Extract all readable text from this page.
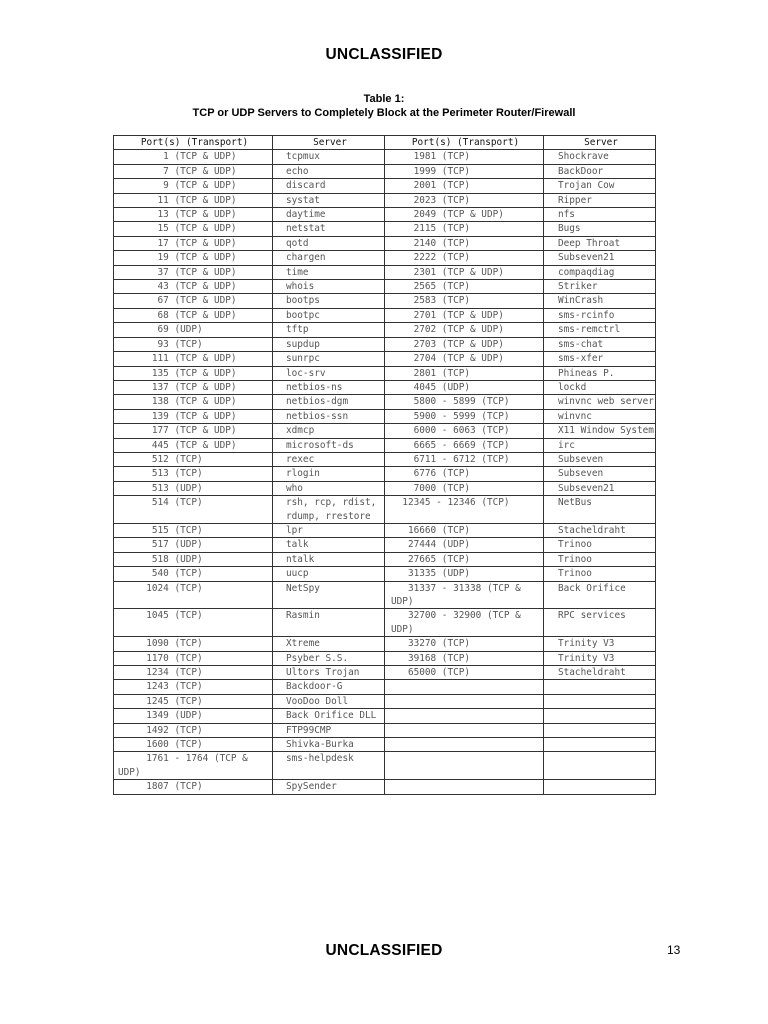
UNCLASSIFIED
Table 1:
TCP or UDP Servers to Completely Block at the Perimeter Router/Firewall
Port(s) (Transport)	Server	Port(s) (Transport)	Server
1 (TCP & UDP)	tcpmux	1981 (TCP)	Shockrave
7 (TCP & UDP)	echo	1999 (TCP)	BackDoor
9 (TCP & UDP)	discard	2001 (TCP)	Trojan Cow
11 (TCP & UDP)	systat	2023 (TCP)	Ripper
13 (TCP & UDP)	daytime	2049 (TCP & UDP)	nfs
15 (TCP & UDP)	netstat	2115 (TCP)	Bugs
17 (TCP & UDP)	qotd	2140 (TCP)	Deep Throat
19 (TCP & UDP)	chargen	2222 (TCP)	Subseven21
37 (TCP & UDP)	time	2301 (TCP & UDP)	compaqdiag
43 (TCP & UDP)	whois	2565 (TCP)	Striker
67 (TCP & UDP)	bootps	2583 (TCP)	WinCrash
68 (TCP & UDP)	bootpc	2701 (TCP & UDP)	sms-rcinfo
69 (UDP)	tftp	2702 (TCP & UDP)	sms-remctrl
93 (TCP)	supdup	2703 (TCP & UDP)	sms-chat
111 (TCP & UDP)	sunrpc	2704 (TCP & UDP)	sms-xfer
135 (TCP & UDP)	loc-srv	2801 (TCP)	Phineas P.
137 (TCP & UDP)	netbios-ns	4045 (UDP)	lockd
138 (TCP & UDP)	netbios-dgm	5800 - 5899 (TCP)	winvnc web server
139 (TCP & UDP)	netbios-ssn	5900 - 5999 (TCP)	winvnc
177 (TCP & UDP)	xdmcp	6000 - 6063 (TCP)	X11 Window System
445 (TCP & UDP)	microsoft-ds	6665 - 6669 (TCP)	irc
512 (TCP)	rexec	6711 - 6712 (TCP)	Subseven
513 (TCP)	rlogin	6776 (TCP)	Subseven
513 (UDP)	who	7000 (TCP)	Subseven21
514 (TCP)	rsh, rcp, rdist, rdump, rrestore	12345 - 12346 (TCP)	NetBus
515 (TCP)	lpr	16660 (TCP)	Stacheldraht
517 (UDP)	talk	27444 (UDP)	Trinoo
518 (UDP)	ntalk	27665 (TCP)	Trinoo
540 (TCP)	uucp	31335 (UDP)	Trinoo
1024 (TCP)	NetSpy	31337 - 31338 (TCP & UDP)	Back Orifice
1045 (TCP)	Rasmin	32700 - 32900 (TCP & UDP)	RPC services
1090 (TCP)	Xtreme	33270 (TCP)	Trinity V3
1170 (TCP)	Psyber S.S.	39168 (TCP)	Trinity V3
1234 (TCP)	Ultors Trojan	65000 (TCP)	Stacheldraht
1243 (TCP)	Backdoor-G		
1245 (TCP)	VooDoo Doll		
1349 (UDP)	Back Orifice DLL		
1492 (TCP)	FTP99CMP		
1600 (TCP)	Shivka-Burka		
1761 - 1764 (TCP & UDP)	sms-helpdesk		
1807 (TCP)	SpySender		
UNCLASSIFIED	13
